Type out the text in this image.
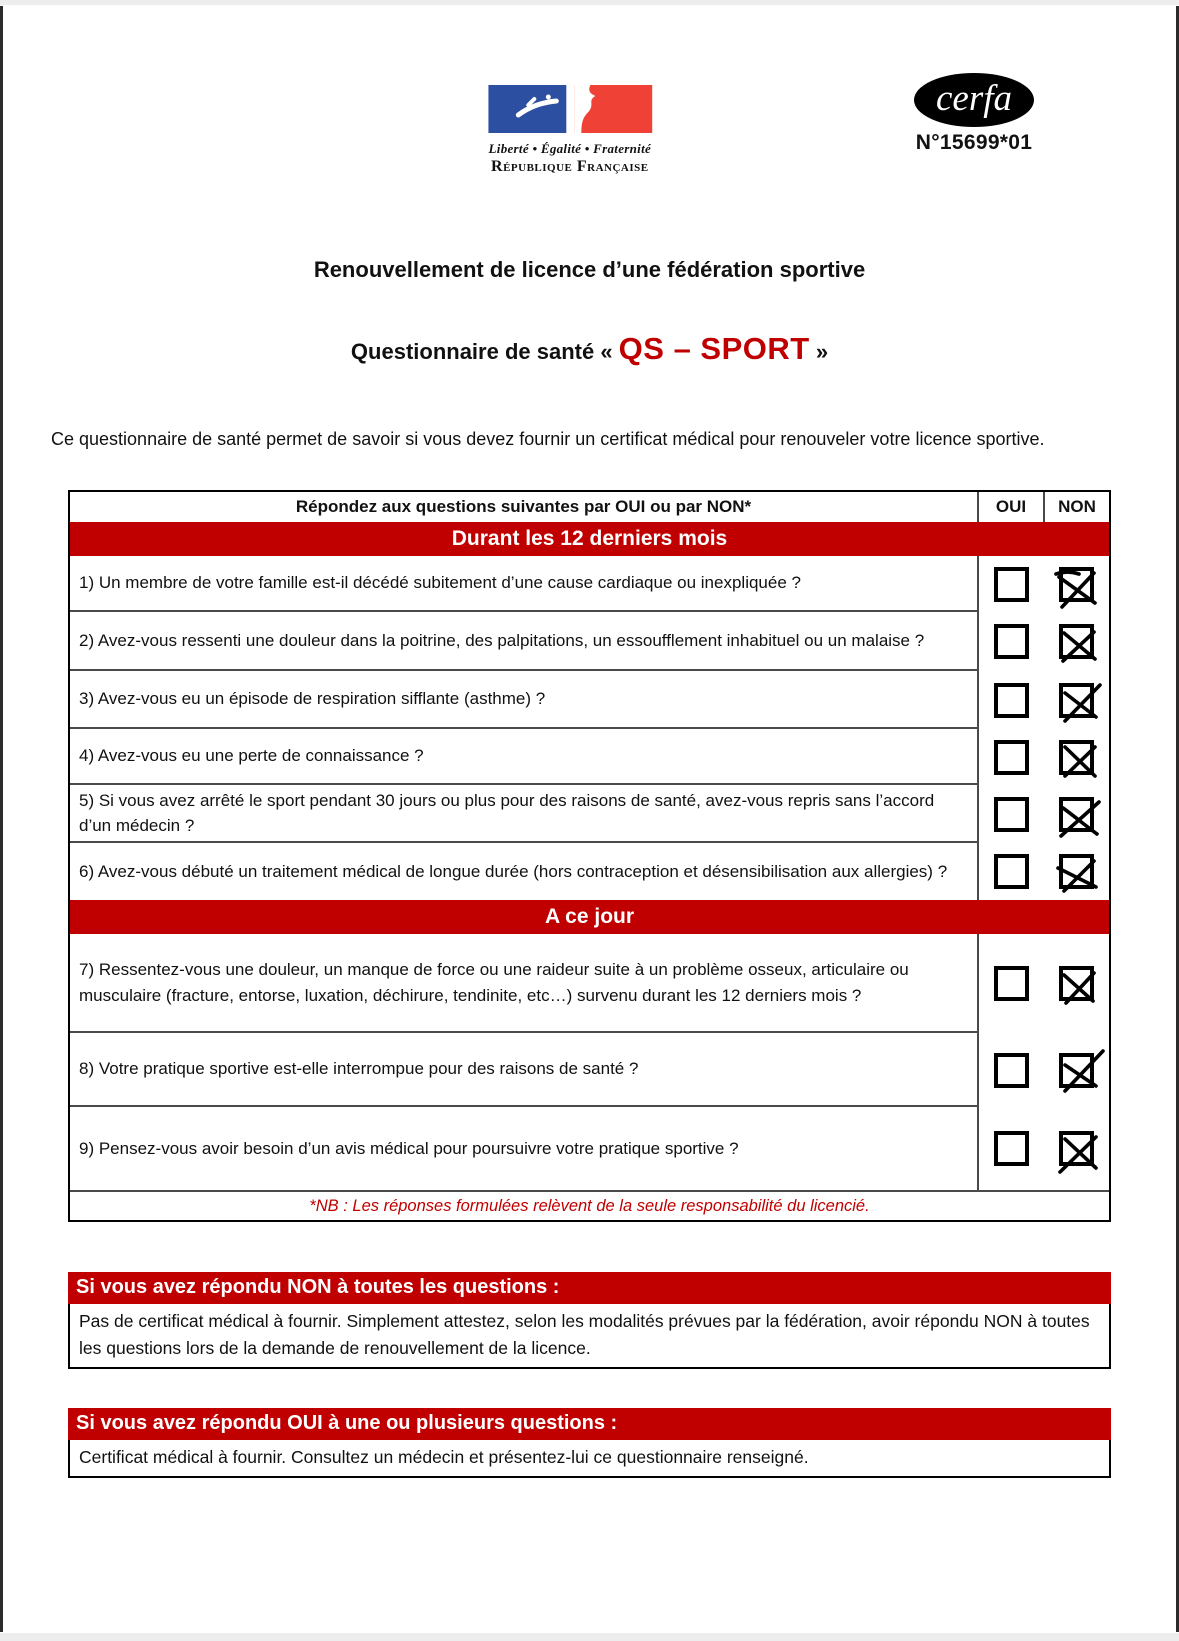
Liberté • Égalité • Fraternité
République Française
cerfa
N°15699*01
Renouvellement de licence d’une fédération sportive
Questionnaire de santé « QS – SPORT »

Ce questionnaire de santé permet de savoir si vous devez fournir un certificat médical pour renouveler votre licence sportive.

Répondez aux questions suivantes par OUI ou par NON*	OUI	NON
Durant les 12 derniers mois
1) Un membre de votre famille est-il décédé subitement d’une cause cardiaque ou inexpliquée ?
2) Avez-vous ressenti une douleur dans la poitrine, des palpitations, un essoufflement inhabituel ou un malaise ?
3) Avez-vous eu un épisode de respiration sifflante (asthme) ?
4) Avez-vous eu une perte de connaissance ?
5) Si vous avez arrêté le sport pendant 30 jours ou plus pour des raisons de santé, avez-vous repris sans l’accord d’un médecin ?
6) Avez-vous débuté un traitement médical de longue durée (hors contraception et désensibilisation aux allergies) ?
A ce jour
7) Ressentez-vous une douleur, un manque de force ou une raideur suite à un problème osseux, articulaire ou musculaire (fracture, entorse, luxation, déchirure, tendinite, etc…) survenu durant les 12 derniers mois ?
8) Votre pratique sportive est-elle interrompue pour des raisons de santé ?
9) Pensez-vous avoir besoin d’un avis médical pour poursuivre votre pratique sportive ?
*NB : Les réponses formulées relèvent de la seule responsabilité du licencié.
Si vous avez répondu NON à toutes les questions :
Pas de certificat médical à fournir. Simplement attestez, selon les modalités prévues par la fédération, avoir répondu NON à toutes les questions lors de la demande de renouvellement de la licence.
Si vous avez répondu OUI à une ou plusieurs questions :
Certificat médical à fournir. Consultez un médecin et présentez-lui ce questionnaire renseigné.
